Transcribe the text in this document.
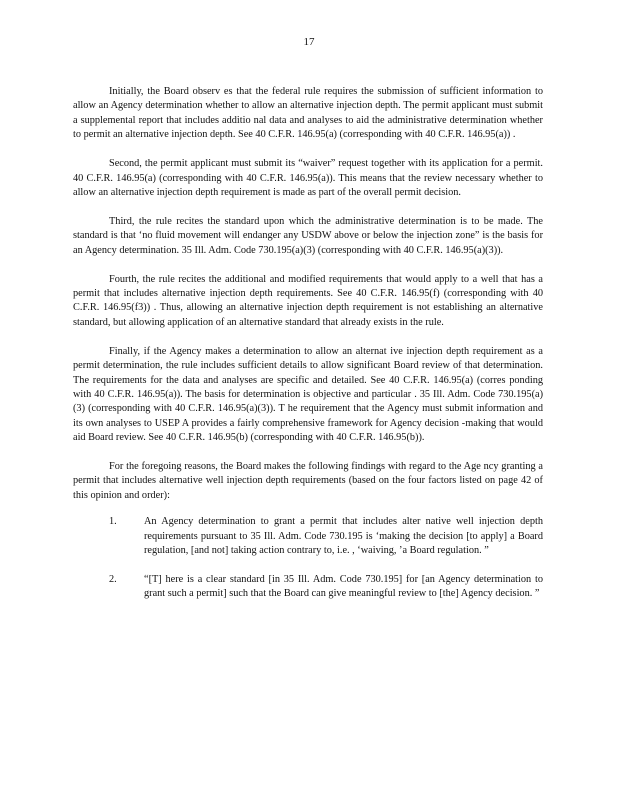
17

Initially, the Board observ es that the federal rule requires the submission of sufficient information to allow an Agency determination whether to allow an alternative injection depth. The permit applicant must submit a supplemental report that includes additio nal data and analyses to aid the administrative determination whether to permit an alternative injection depth. See 40 C.F.R. 146.95(a) (corresponding with 40 C.F.R. 146.95(a)) .

Second, the permit applicant must submit its “waiver” request together with its application for a permit. 40 C.F.R. 146.95(a) (corresponding with 40 C.F.R. 146.95(a)). This means that the review necessary whether to allow an alternative injection depth requirement is made as part of the overall permit decision.

Third, the rule recites the standard upon which the administrative determination is to be made. The standard is that ‘no fluid movement will endanger any USDW above or below the injection zone” is the basis for an Agency determination. 35 Ill. Adm. Code 730.195(a)(3) (corresponding with 40 C.F.R. 146.95(a)(3)).

Fourth, the rule recites the additional and modified requirements that would apply to a well that has a permit that includes alternative injection depth requirements. See 40 C.F.R. 146.95(f) (corresponding with 40 C.F.R. 146.95(f3)) . Thus, allowing an alternative injection depth requirement is not establishing an alternative standard, but allowing application of an alternative standard that already exists in the rule.

Finally, if the Agency makes a determination to allow an alternat ive injection depth requirement as a permit determination, the rule includes sufficient details to allow significant Board review of that determination. The requirements for the data and analyses are specific and detailed. See 40 C.F.R. 146.95(a) (corres ponding with 40 C.F.R. 146.95(a)). The basis for determination is objective and particular . 35 Ill. Adm. Code 730.195(a)(3) (corresponding with 40 C.F.R. 146.95(a)(3)). T he requirement that the Agency must submit information and its own analyses to USEP A provides a fairly comprehensive framework for Agency decision -making that would aid Board review. See 40 C.F.R. 146.95(b) (corresponding with 40 C.F.R. 146.95(b)).

For the foregoing reasons, the Board makes the following findings with regard to the Age ncy granting a permit that includes alternative well injection depth requirements (based on the four factors listed on page 42 of this opinion and order):

1.	An Agency determination to grant a permit that includes alter native well injection depth requirements pursuant to 35 Ill. Adm. Code 730.195 is ‘making the decision [to apply] a Board regulation, [and not] taking action contrary to, i.e. , ‘waiving, ’a Board regulation. ”
2.	“[T] here is a clear standard [in 35 Ill. Adm. Code 730.195] for [an Agency determination to grant such a permit] such that the Board can give meaningful review to [the] Agency decision. ”
